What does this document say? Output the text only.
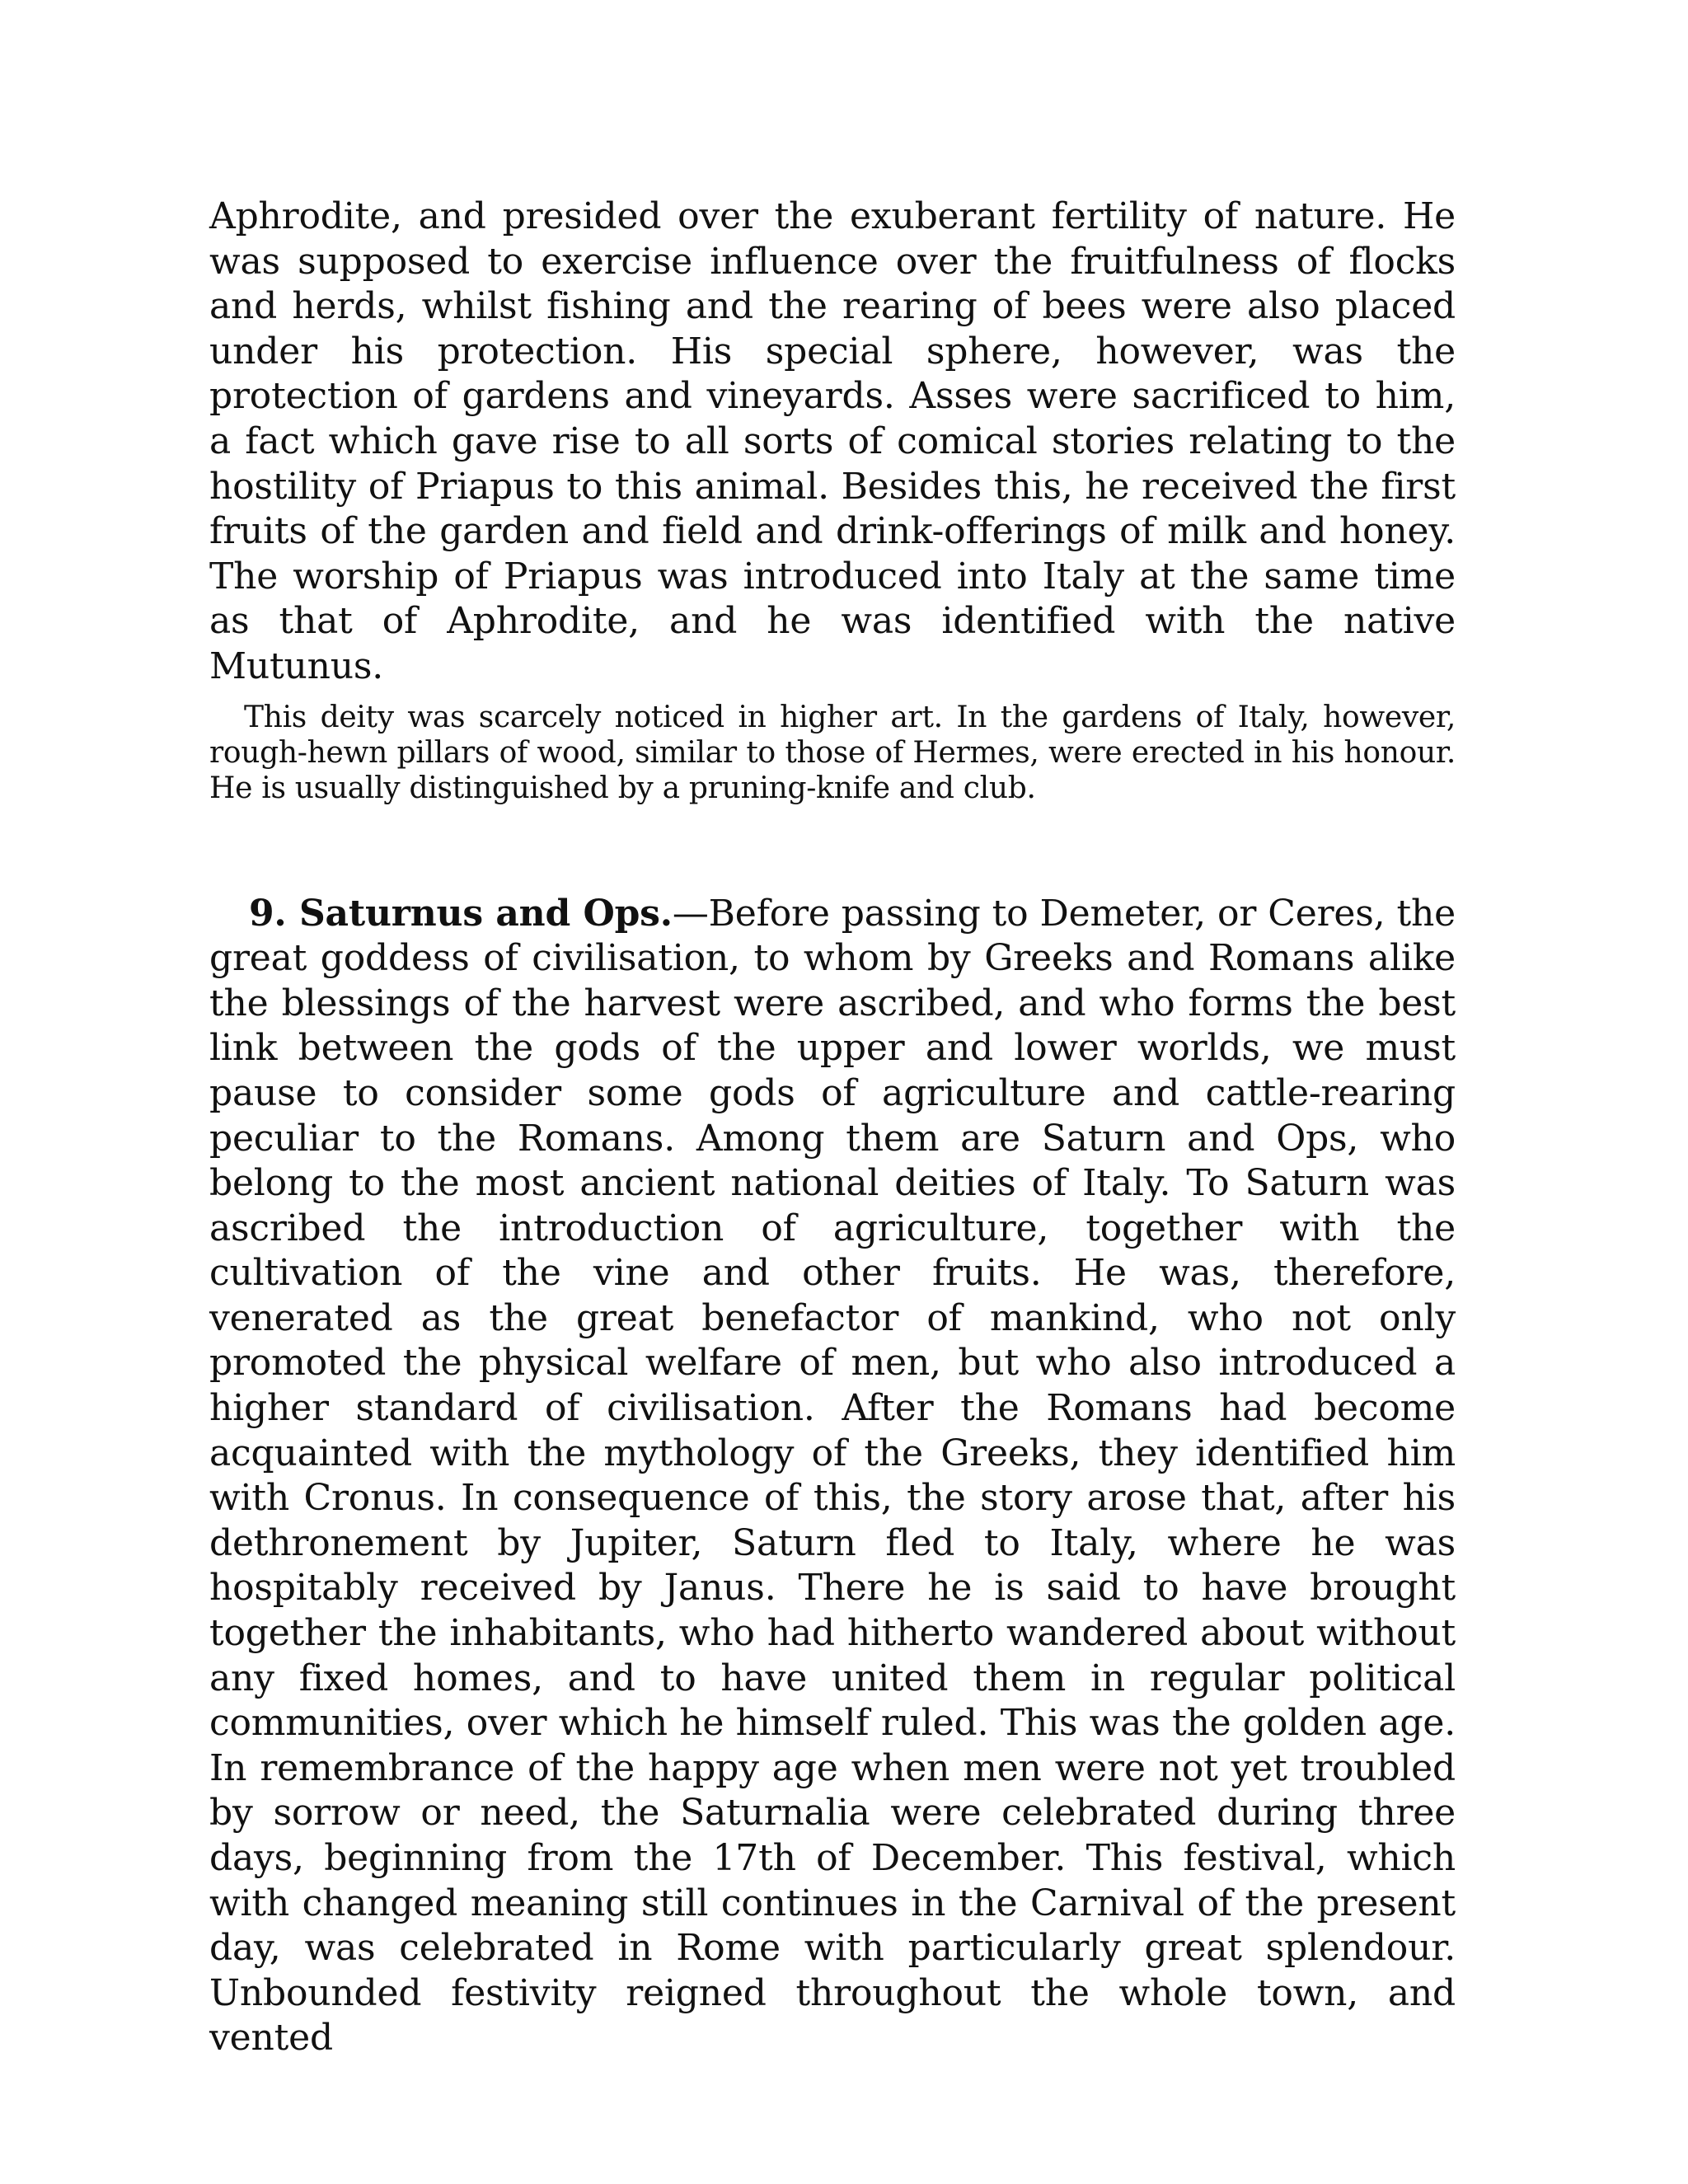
Aphrodite, and presided over the exuberant fertility of nature. He was supposed to exercise influence over the fruitfulness of flocks and herds, whilst fishing and the rearing of bees were also placed under his protection. His special sphere, however, was the protection of gardens and vineyards. Asses were sacrificed to him, a fact which gave rise to all sorts of comical stories relating to the hostility of Priapus to this animal. Besides this, he received the first fruits of the garden and field and drink-offerings of milk and honey. The worship of Priapus was introduced into Italy at the same time as that of Aphrodite, and he was identified with the native Mutunus.

This deity was scarcely noticed in higher art. In the gardens of Italy, however, rough-hewn pillars of wood, similar to those of Hermes, were erected in his honour. He is usually distinguished by a pruning-knife and club.

9. Saturnus and Ops.—Before passing to Demeter, or Ceres, the great goddess of civilisation, to whom by Greeks and Romans alike the blessings of the harvest were ascribed, and who forms the best link between the gods of the upper and lower worlds, we must pause to consider some gods of agriculture and cattle-rearing peculiar to the Romans. Among them are Saturn and Ops, who belong to the most ancient national deities of Italy. To Saturn was ascribed the introduction of agriculture, together with the cultivation of the vine and other fruits. He was, therefore, venerated as the great benefactor of mankind, who not only promoted the physical welfare of men, but who also introduced a higher standard of civilisation. After the Romans had become acquainted with the mythology of the Greeks, they identified him with Cronus. In consequence of this, the story arose that, after his dethronement by Jupiter, Saturn fled to Italy, where he was hospitably received by Janus. There he is said to have brought together the inhabitants, who had hitherto wandered about without any fixed homes, and to have united them in regular political communities, over which he himself ruled. This was the golden age. In remembrance of the happy age when men were not yet troubled by sorrow or need, the Saturnalia were celebrated during three days, beginning from the 17th of December. This festival, which with changed meaning still continues in the Carnival of the present day, was celebrated in Rome with particularly great splendour. Unbounded festivity reigned throughout the whole town, and vented
